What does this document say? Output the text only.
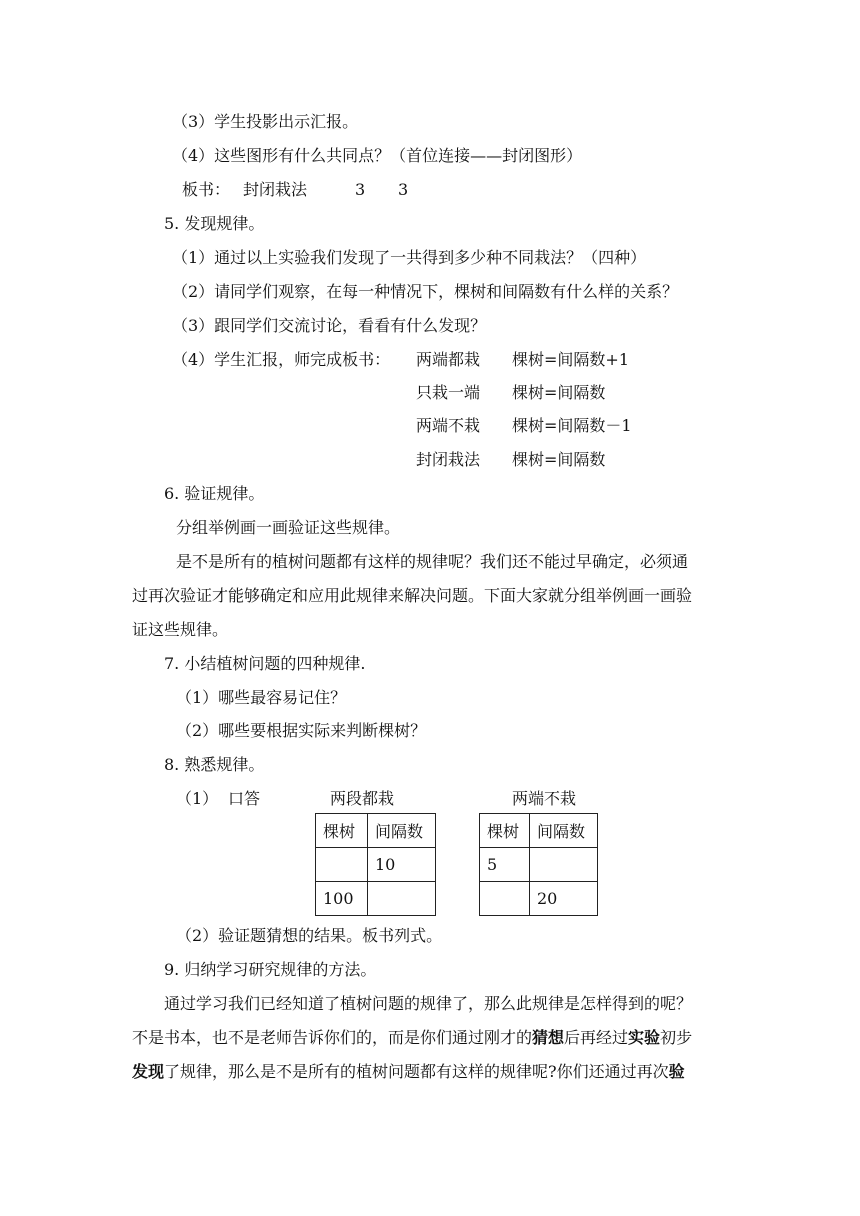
（3）学生投影出示汇报。
（4）这些图形有什么共同点？（首位连接——封闭图形）
板书： 封闭栽法	3 3
5. 发现规律。
（1）通过以上实验我们发现了一共得到多少种不同栽法？（四种）
（2）请同学们观察，在每一种情况下，棵树和间隔数有什么样的关系？
（3）跟同学们交流讨论，看看有什么发现？
（4）学生汇报，师完成板书： 两端都栽 棵树=间隔数+1
只栽一端 棵树=间隔数
两端不栽 棵树=间隔数－1
封闭栽法 棵树=间隔数
6. 验证规律。
分组举例画一画验证这些规律。
是不是所有的植树问题都有这样的规律呢？我们还不能过早确定，必须通
过再次验证才能够确定和应用此规律来解决问题。下面大家就分组举例画一画验
证这些规律。
7. 小结植树问题的四种规律.
（1）哪些最容易记住？
（2）哪些要根据实际来判断棵树？
8. 熟悉规律。
（1） 口答	两段都栽	两端不栽
棵树	间隔数
	10
100	
棵树	间隔数
5	
	20
（2）验证题猜想的结果。板书列式。
9. 归纳学习研究规律的方法。
通过学习我们已经知道了植树问题的规律了，那么此规律是怎样得到的呢？
不是书本，也不是老师告诉你们的，而是你们通过刚才的猜想后再经过实验初步
发现了规律，那么是不是所有的植树问题都有这样的规律呢?你们还通过再次验
